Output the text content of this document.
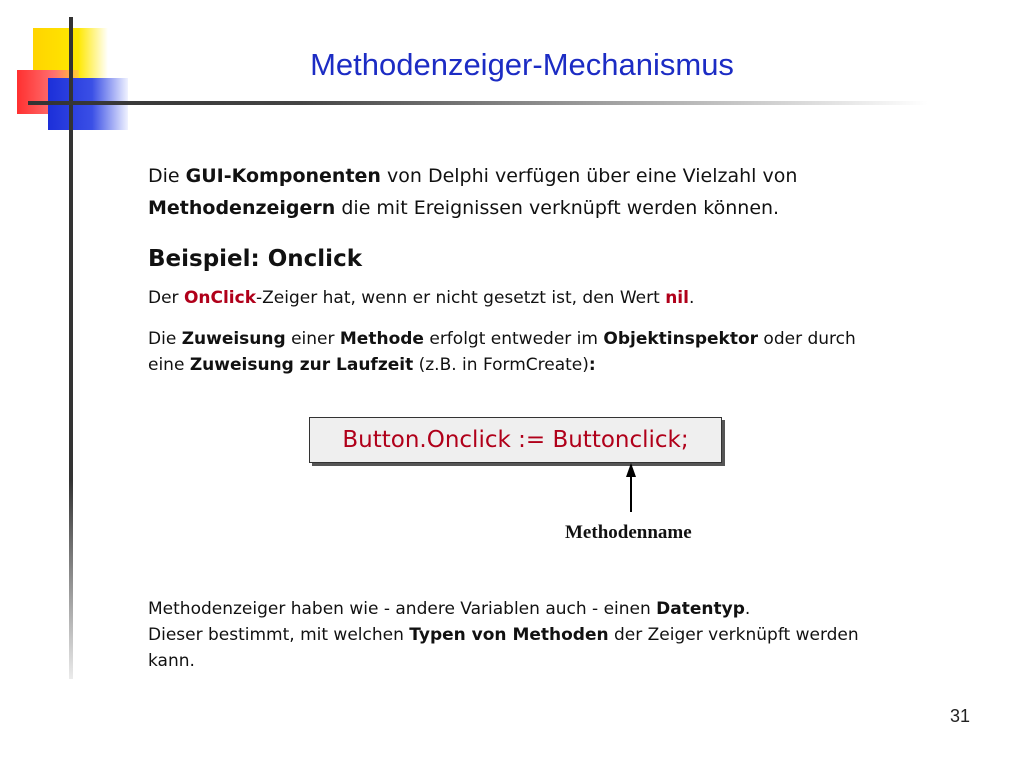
Methodenzeiger-Mechanismus
Die GUI-Komponenten von Delphi verfügen über eine Vielzahl von
Methodenzeigern die mit Ereignissen verknüpft werden können.
Beispiel: Onclick
Der OnClick-Zeiger hat, wenn er nicht gesetzt ist, den Wert nil.
Die Zuweisung einer Methode erfolgt entweder im Objektinspektor oder durch
eine Zuweisung zur Laufzeit (z.B. in FormCreate):
Button.Onclick := Buttonclick;
Methodenname
Methodenzeiger haben wie - andere Variablen auch - einen Datentyp.
Dieser bestimmt, mit welchen Typen von Methoden der Zeiger verknüpft werden
kann.
31
